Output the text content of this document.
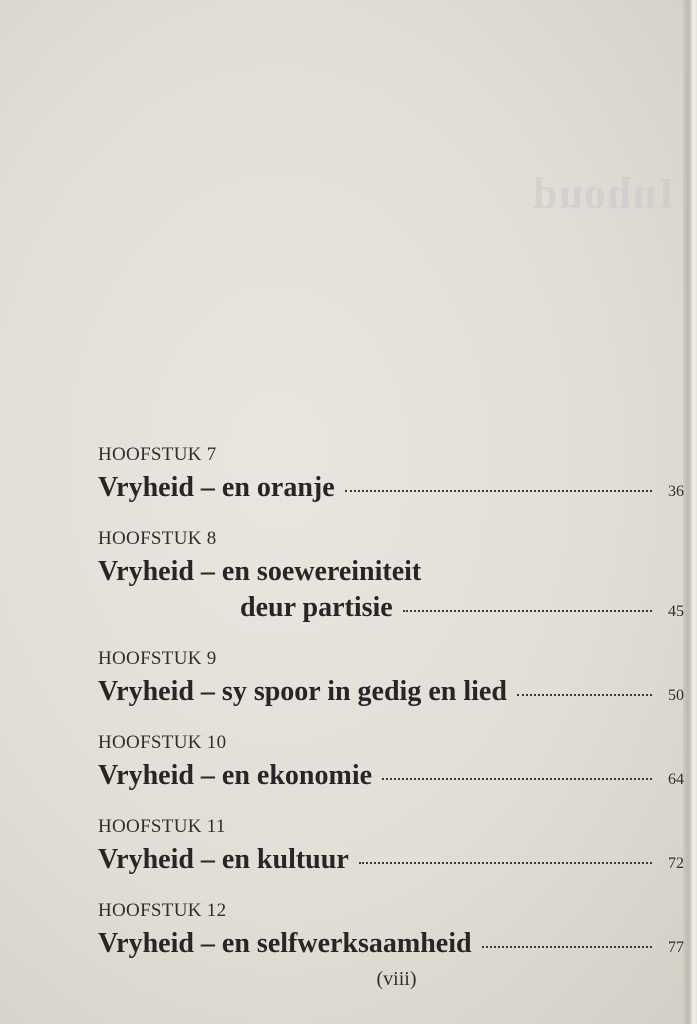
Inhoud
HOOFSTUK 7
Vryheid – en oranje	36
HOOFSTUK 8
Vryheid – en soewereiniteit
deur partisie	45
HOOFSTUK 9
Vryheid – sy spoor in gedig en lied	50
HOOFSTUK 10
Vryheid – en ekonomie	64
HOOFSTUK 11
Vryheid – en kultuur	72
HOOFSTUK 12
Vryheid – en selfwerksaamheid	77
(viii)
